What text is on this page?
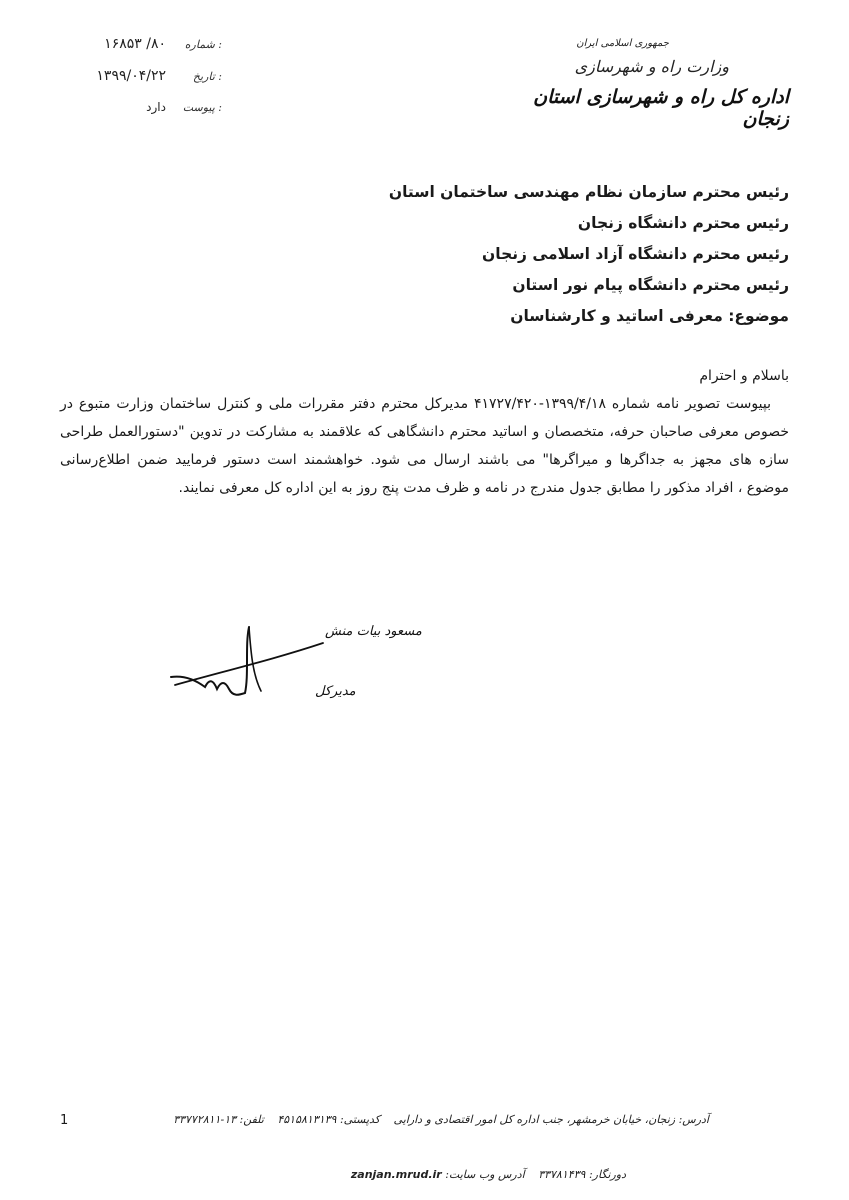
جمهوری اسلامی ایران
وزارت راه و شهرسازی
اداره کل راه و شهرسازی استان زنجان
شماره :
۸۰/ ۱۶۸۵۳
تاریخ :
۱۳۹۹/۰۴/۲۲
پیوست :
دارد
رئیس محترم سازمان نظام مهندسی ساختمان استان
رئیس محترم دانشگاه زنجان
رئیس محترم دانشگاه آزاد اسلامی زنجان
رئیس محترم دانشگاه پیام نور استان
موضوع: معرفی اساتید و کارشناسان
باسلام و احترام
بپیوست تصویر نامه شماره ۱۳۹۹/۴/۱۸-۴۱۷۲۷/۴۲۰ مدیرکل محترم دفتر مقررات ملی و کنترل ساختمان وزارت متبوع در خصوص معرفی صاحبان حرفه، متخصصان و اساتید محترم دانشگاهی که علاقمند به مشارکت در تدوین "دستورالعمل طراحی سازه های مجهز به جداگرها و میراگرها" می باشند ارسال می شود. خواهشمند است دستور فرمایید ضمن اطلاع‌رسانی موضوع ، افراد مذکور را مطابق جدول مندرج در نامه و ظرف مدت پنج روز به این اداره کل معرفی نمایند.
مسعود بیات منش
مدیرکل
1	آدرس: زنجان، خیابان خرمشهر، جنب اداره کل امور اقتصادی و دارایی کدپستی: ۴۵۱۵۸۱۳۱۳۹ تلفن: ۱۳-۳۳۷۷۲۸۱۱
دورنگار: ۳۳۷۸۱۴۳۹ آدرس وب سایت: zanjan.mrud.ir
